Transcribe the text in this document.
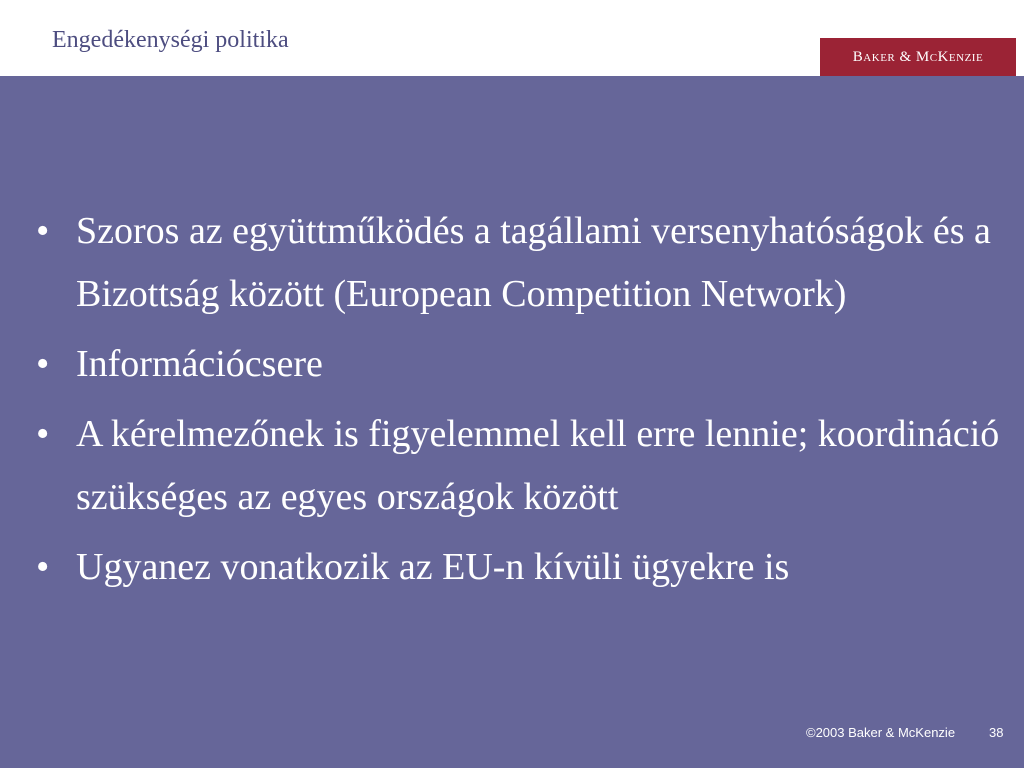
Engedékenységi politika
Baker & McKenzie
• Szoros az együttműködés a tagállami versenyhatóságok és a Bizottság között (European Competition Network)
• Információcsere
• A kérelmezőnek is figyelemmel kell erre lennie; koordináció szükséges az egyes országok között
• Ugyanez vonatkozik az EU-n kívüli ügyekre is
©2003 Baker & McKenzie	38
